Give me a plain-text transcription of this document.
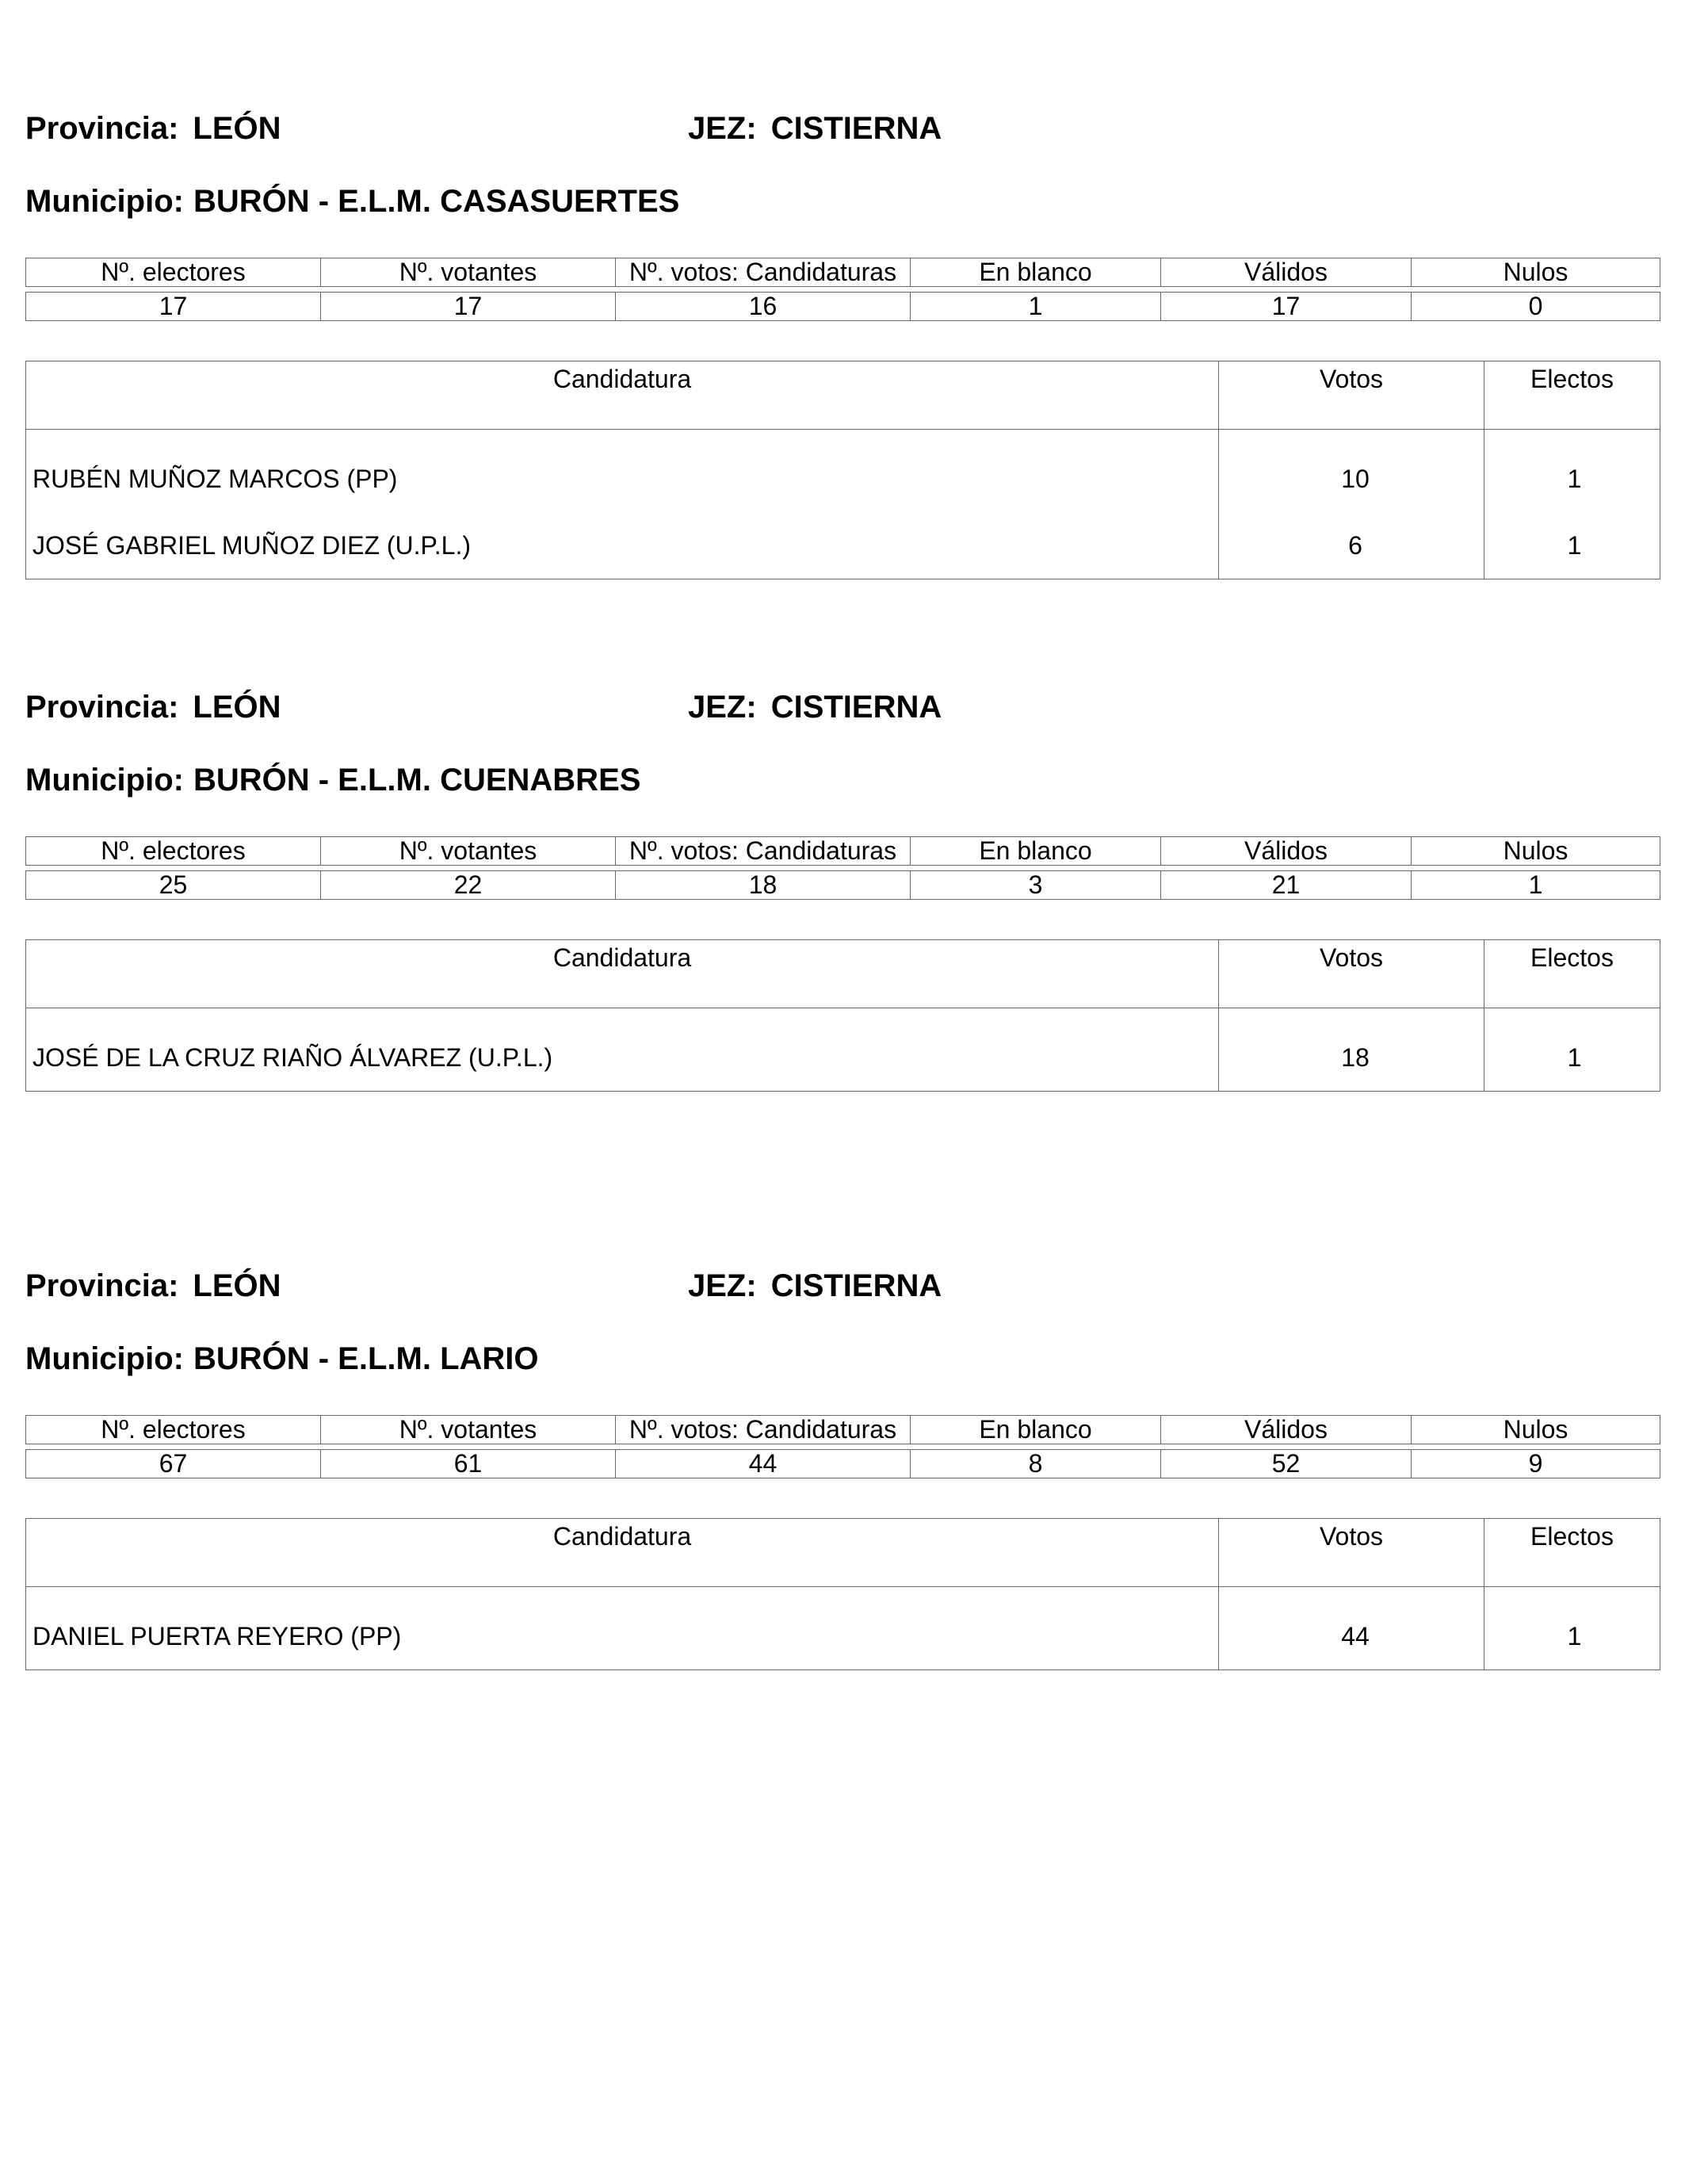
Provincia: LEÓN	JEZ: CISTIERNA
Municipio: BURÓN - E.L.M. CASASUERTES
Nº. electores	Nº. votantes	Nº. votos: Candidaturas	En blanco	Válidos	Nulos

17	17	16	1	17	0
Candidatura	Votos	Electos
RUBÉN MUÑOZ MARCOS (PP)	10	1
JOSÉ GABRIEL MUÑOZ DIEZ (U.P.L.)	6	1
Provincia: LEÓN	JEZ: CISTIERNA
Municipio: BURÓN - E.L.M. CUENABRES
Nº. electores	Nº. votantes	Nº. votos: Candidaturas	En blanco	Válidos	Nulos

25	22	18	3	21	1
Candidatura	Votos	Electos
JOSÉ DE LA CRUZ RIAÑO ÁLVAREZ (U.P.L.)	18	1
Provincia: LEÓN	JEZ: CISTIERNA
Municipio: BURÓN - E.L.M. LARIO
Nº. electores	Nº. votantes	Nº. votos: Candidaturas	En blanco	Válidos	Nulos

67	61	44	8	52	9
Candidatura	Votos	Electos
DANIEL PUERTA REYERO (PP)	44	1
